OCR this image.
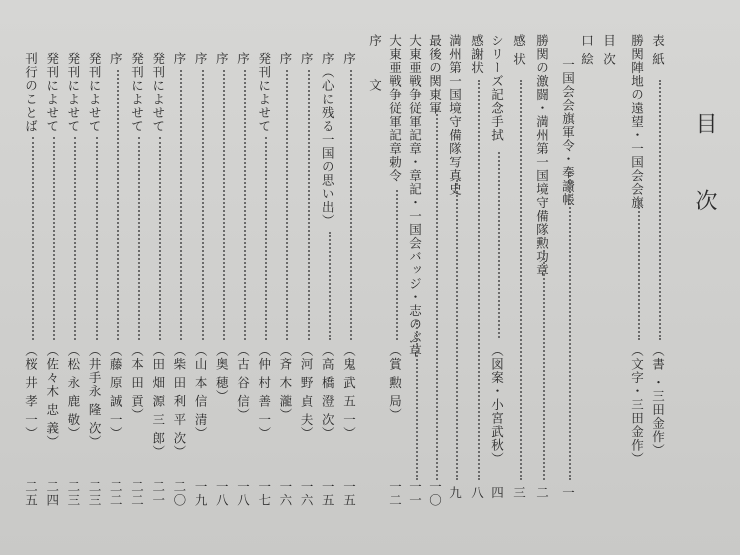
目 次
表 紙
勝関陣地の遠望・一国会会旗
（書 ・三田金作）
（文字・三田金作）
目 次
口 絵
一国会会旗軍令・奉讃帳
一
勝関の激闘・満州第一国境守備隊勲功章
二
感 状
三
シリーズ記念手拭
（図案・小宮武秋）
四
感謝状
八
満州第一国境守備隊写真史
九
最後の関東軍
一〇
大東亜戦争従軍記章・章記・一国会バッジ・志のぶ草
一一
大東亜戦争従軍記章勅令
（賞 勲 局）
一二
序 文
序
（鬼 武 五 一）
一五
序（心に残る一国の思い出）
（高 橋 澄 次）
一五
序
（河 野 貞 夫）
一六
序
（斉 木 瀧）
一六
発刊によせて
（仲 村 善 一）
一七
序
（古 谷 信）
一八
序
（奥 穂）
一八
序
（山 本 信 清）
一九
序
（柴 田 利 平 次）
二〇
発刊によせて
（田 畑 源 三 郎）
二一
発刊によせて
（本 田 貢）
二二
序
（藤 原 誠 一）
二二
発刊によせて
（井手永 隆 次）
二三
発刊によせて
（松 永 鹿 敬）
二三
発刊によせて
（佐々木 忠 義）
二四
刊行のことば
（桜 井 孝 一）
二五
